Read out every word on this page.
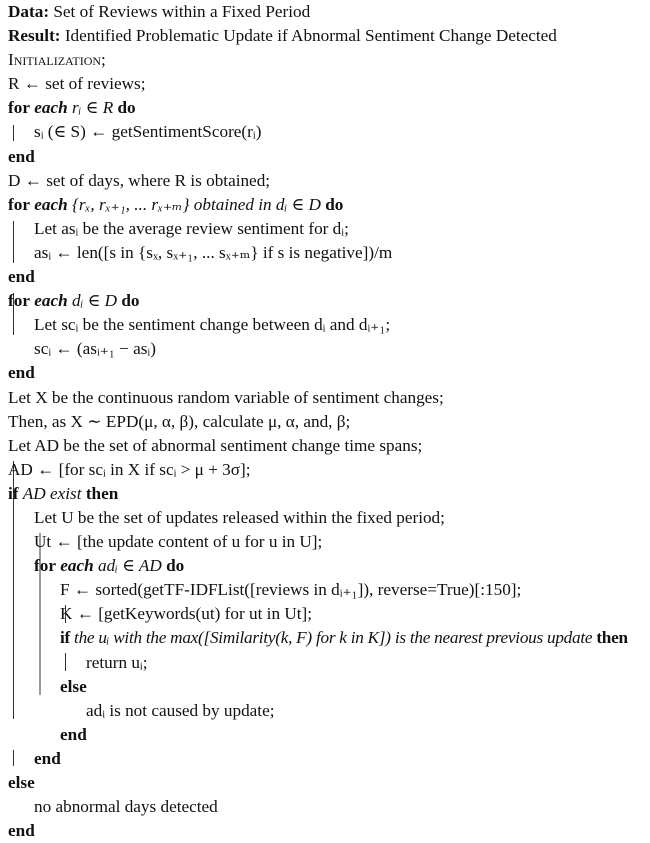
Data: Set of Reviews within a Fixed Period
Result: Identified Problematic Update if Abnormal Sentiment Change Detected
Initialization;
R ← set of reviews;
for each rᵢ ∈ R do
sᵢ (∈ S) ← getSentimentScore(rᵢ)
end
D ← set of days, where R is obtained;
for each {rₓ, rₓ₊₁, ... rₓ₊ₘ} obtained in dᵢ ∈ D do
Let asᵢ be the average review sentiment for dᵢ;
asᵢ ← len([s in {sₓ, sₓ₊₁, ... sₓ₊ₘ} if s is negative])/m
end
for each dᵢ ∈ D do
Let scᵢ be the sentiment change between dᵢ and dᵢ₊₁;
scᵢ ← (asᵢ₊₁ − asᵢ)
end
Let X be the continuous random variable of sentiment changes;
Then, as X ∼ EPD(μ, α, β), calculate μ, α, and, β;
Let AD be the set of abnormal sentiment change time spans;
AD ← [for scᵢ in X if scᵢ > μ + 3σ];
if AD exist then
Let U be the set of updates released within the fixed period;
Ut ← [the update content of u for u in U];
for each adᵢ ∈ AD do
F ← sorted(getTF-IDFList([reviews in dᵢ₊₁]), reverse=True)[:150];
K ← [getKeywords(ut) for ut in Ut];
if the uᵢ with the max([Similarity(k, F) for k in K]) is the nearest previous update then
return uᵢ;
else
adᵢ is not caused by update;
end
end
else
no abnormal days detected
end
